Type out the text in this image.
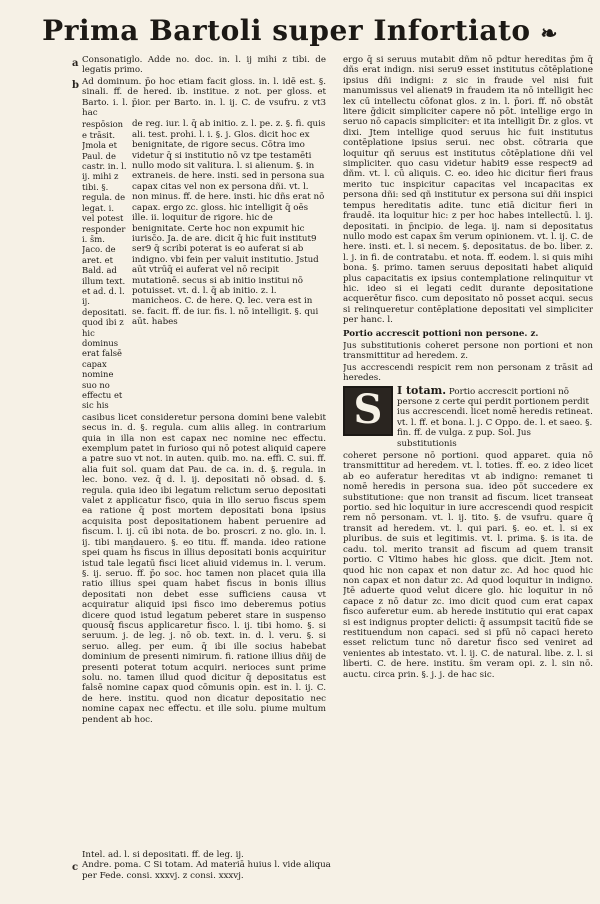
Prima Bartoli super Infortiato ❧
a
b
c

Consonatiglo. Adde no. doc. in. l. ij mihi z tibi. de legatis primo.

Ad dominum. p̄o hoc etiam facit gloss. in. l. idē est. §. sinali. ff. de hered. ib. institue. z not. per gloss. et Barto. i. l. p̄ior. per Barto. in. l. ij. C. de vsufru. z vt3 hac

respōsione trāsit. Jmola et Paul. de castr. in. l. ij. mihi z tibi. §. regula. de legat. i. vel potest responderi. s̄m. Jaco. de aret. et Bald. ad illum text. et ad. d. l. ij. depositati. quod ibi z hic dominus erat falsē capax nomine suo no effectu et sic his
de reg. iur. l. q̄ ab initio. z. l. pe. z. §. fi. quis ali. test. prohi. l. i. §. j. Glos. dicit hoc ex benignitate, de rigore secus. Cōtra imo videtur q̄ si institutio nō vz tpe testamēti nullo modo sit valitura. l. si alienum. §. in extraneis. de here. insti. sed in persona sua capax citas vel non ex persona dñi. vt. l. non minus. ff. de here. insti. hic dñs erat nō capax. ergo zc. gloss. hic intelligit q̄ oēs ille. ii. loquitur de rigore. hic de benignitate. Certe hoc non expumit hic iurisc̄o. Ja. de are. dicit q̄ hic fuit institut9 ser9 q̄ scribi poterat is eo auferat si ab indigno. vbi fein per valuit institutio. Jstud aūt vtrūq̄ ei auferat vel nō recipit mutationē. secus si ab initio institui nō potuisset. vt. d. l. q̄ ab initio. z. l. manicheos. C. de here. Q. lec. vera est in se. facit. ff. de iur. fis. l. nō intelligit. §. qui aūt. habes

casibus licet consideretur persona domini bene valebit secus in. d. §. regula. cum aliis alleg. in contrarium quia in illa non est capax nec nomine nec effectu. exemplum patet in furioso qui nō potest aliquid capere a patre suo vt not. in auten. quib. mo. na. effi. C. sui. ff. alia fuit sol. quam dat Pau. de ca. in. d. §. regula. in lec. bono. vez. q̄ d. l. ij. depositati nō obsad. d. §. regula. quia ideo ibi legatum relictum seruo depositati valet z applicatur fisco, quia in illo seruo fiscus spem ea ratione q̄ post mortem depositati bona ipsius acquisita post depositationem habent peruenire ad fiscum. l. ij. cū ibi nota. de bo. proscri. z no. glo. in. l. ij. tibi mandauero. §. eo titu. ff. manda. ideo ratione spei quam h̄s fiscus in illius depositati bonis acquiritur istud tale legatū fisci licet aliuid videmus in. l. verum. §. ij. seruo. ff. p̄o soc. hoc tamen non placet quia illa ratio illius spei quam habet fiscus in bonis illius depositati non debet esse sufficiens causa vt acquiratur aliquid ipsi fisco imo deberemus potius dicere quod istud legatum peberet stare in suspenso quousq̄ fiscus applicaretur fisco. l. ij. tibi homo. §. si seruum. j. de leg. j. nō ob. text. in. d. l. veru. §. si seruo. alleg. per eum. q̄ ibi ille socius habebat dominium de presenti nimirum. fi. ratione illius dñij de presenti poterat totum acquiri. nerioces sunt prime solu. no. tamen illud quod dicitur q̄ depositatus est falsē nomine capax quod cōmunis opin. est in. l. ij. C. de here. institu. quod non dicatur depositatio nec nomine capax nec effectu. et ille solu. piume multum pendent ab hoc.

ergo q̄ si seruus mutabit dñm nō pdtur hereditas p̄m q̄ dñs erat indign. nisi seru9 esset institutus cōtēplatione ipsius dñi indigni: z sic in fraude vel nisi fuit manumissus vel alienat9 in fraudem ita nō intelligit hec lex cū intellectu cōfonat glos. z in. l. p̄ori. ff. nō obstāt litere ḡdicit simpliciter capere nō pōt. intellige ergo in seruo nō capacis simpliciter: et ita intelligit D̄r. z glos. vt dixi. Jtem intellige quod seruus hic fuit institutus contēplatione ipsius serui. nec obst. cōtraria que loquitur qñ seruus est institutus cōtēplatione dñi vel simpliciter. quo casu videtur habit9 esse respect9 ad dñm. vt. l. cū aliquis. C. eo. ideo hic dicitur fieri fraus merito tuc inspicitur capacitas vel incapacitas ex persona dñi: sed qñ institutur ex persona sui dñi inspici tempus hereditatis adite. tunc etiā dicitur fieri in fraudē. ita loquitur hic: z per hoc habes intellectū. l. ij. depositati. in p̄ncipio. de lega. ij. nam si depositatus nullo modo est capax s̄m verum opinionem. vt. l. ij. C. de here. insti. et. l. si necem. §. depositatus. de bo. liber. z. l. j. in fi. de contratabu. et nota. ff. eodem. l. si quis mihi bona. §. primo. tamen seruus depositati habet aliquid plus capacitatis ex ipsius contemplatione relinquitur vt hic. ideo si ei legati cedit durante depositatione acquerētur fisco. cum depositato nō posset acqui. secus si relinqueretur contēplatione depositati vel simpliciter per hanc. l.

Portio accrescit pottioni non persone. z.

Jus substitutionis coheret persone non portioni et non transmittitur ad heredem. z.

Jus accrescendi respicit rem non personam z trāsit ad heredes.

S	I totam. Portio accrescit portioni nō persone z certe qui perdit portionem perdit ius accrescendi. licet nomē heredis retineat. vt. l. ff. et bona. l. j. C Oppo. de. l. et saeo. §. fin. ff. de vulga. z pup. Sol. Jus substitutionis

coheret persone nō portioni. quod apparet. quia nō transmittitur ad heredem. vt. l. toties. ff. eo. z ideo licet ab eo auferatur hereditas vt ab indigno: remanet ti nomē heredis in persona sua. ideo pōt succedere ex substitutione: que non transit ad fiscum. licet transeat portio. sed hic loquitur in iure accrescendi quod respicit rem nō personam. vt. l. ij. tito. §. de vsufru. quare q̄ transit ad heredem. vt. l. qui pari. §. eo. et. l. si ex pluribus. de suis et legitimis. vt. l. prima. §. is ita. de cadu. tol. merito transit ad fiscum ad quem transit portio. C Vltimo habes hic gloss. que dicit. Jtem not. quod hic non capax et non datur zc. Ad hoc quod hic non capax et non datur zc. Ad quod loquitur in indigno. Jtē aduerte quod velut dicere glo. hic loquitur in nō capace z nō datur zc. imo dicit quod cum erat capax fisco auferetur eum. ab herede institutio qui erat capax si est indignus propter delicti: q̄ assumpsit tacitū fide se restituendum non capaci. sed si pfū nō capaci hereto esset relictum tunc nō daretur fisco sed veniret ad venientes ab intestato. vt. l. ij. C. de natural. libe. z. l. si liberti. C. de here. institu. s̄m veram opi. z. l. sin nō. auctu. circa prin. §. j. j. de hac sic.

Intel. ad. l. si depositati. ff. de leg. ij.

Andre. poma. C Si totam. Ad materiā huius l. vide aliqua per Fede. consi. xxxvj. z consi. xxxvj.
